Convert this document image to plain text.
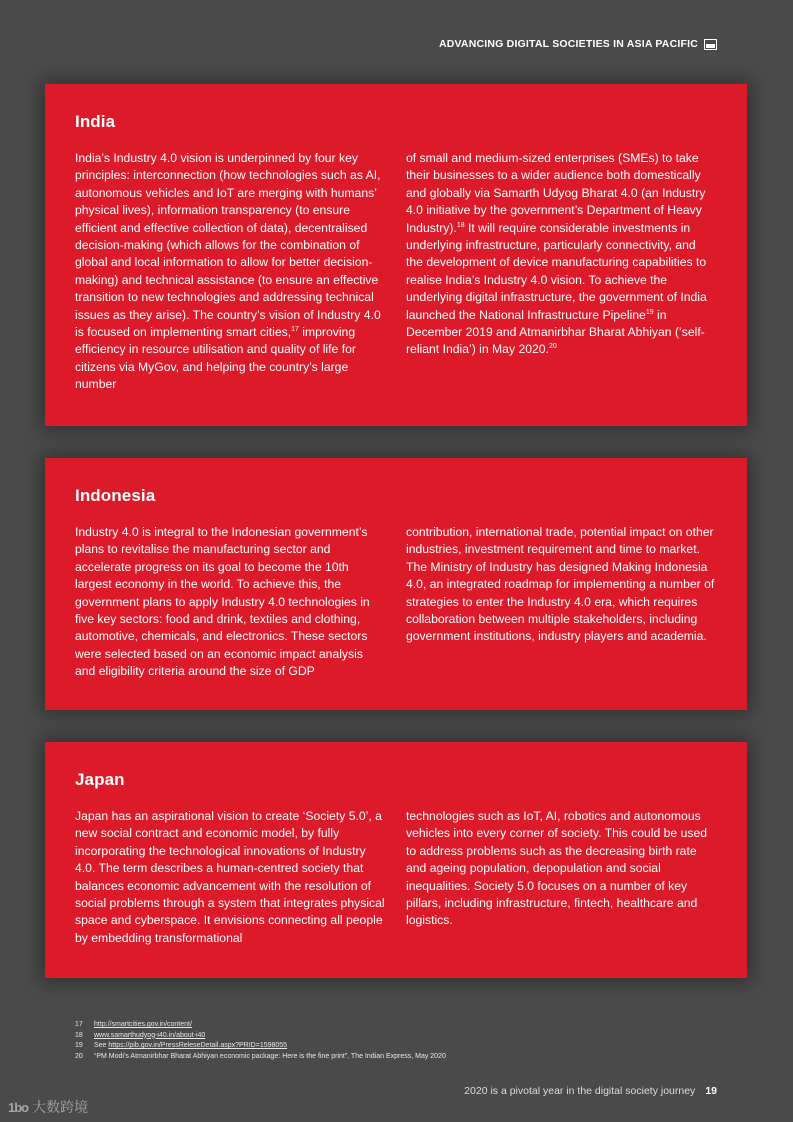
ADVANCING DIGITAL SOCIETIES IN ASIA PACIFIC
India

India’s Industry 4.0 vision is underpinned by four key principles: interconnection (how technologies such as AI, autonomous vehicles and IoT are merging with humans’ physical lives), information transparency (to ensure efficient and effective collection of data), decentralised decision-making (which allows for the combination of global and local information to allow for better decision-making) and technical assistance (to ensure an effective transition to new technologies and addressing technical issues as they arise). The country’s vision of Industry 4.0 is focused on implementing smart cities,$^{17}$ improving efficiency in resource utilisation and quality of life for citizens via MyGov, and helping the country’s large number

of small and medium-sized enterprises (SMEs) to take their businesses to a wider audience both domestically and globally via Samarth Udyog Bharat 4.0 (an Industry 4.0 initiative by the government’s Department of Heavy Industry).$^{18}$ It will require considerable investments in underlying infrastructure, particularly connectivity, and the development of device manufacturing capabilities to realise India’s Industry 4.0 vision. To achieve the underlying digital infrastructure, the government of India launched the National Infrastructure Pipeline$^{19}$ in December 2019 and Atmanirbhar Bharat Abhiyan (‘self-reliant India’) in May 2020.20

Indonesia

Industry 4.0 is integral to the Indonesian government’s plans to revitalise the manufacturing sector and accelerate progress on its goal to become the 10th largest economy in the world. To achieve this, the government plans to apply Industry 4.0 technologies in five key sectors: food and drink, textiles and clothing, automotive, chemicals, and electronics. These sectors were selected based on an economic impact analysis and eligibility criteria around the size of GDP

contribution, international trade, potential impact on other industries, investment requirement and time to market. The Ministry of Industry has designed Making Indonesia 4.0, an integrated roadmap for implementing a number of strategies to enter the Industry 4.0 era, which requires collaboration between multiple stakeholders, including government institutions, industry players and academia.

Japan

Japan has an aspirational vision to create ‘Society 5.0’, a new social contract and economic model, by fully incorporating the technological innovations of Industry 4.0. The term describes a human-centred society that balances economic advancement with the resolution of social problems through a system that integrates physical space and cyberspace. It envisions connecting all people by embedding transformational

technologies such as IoT, AI, robotics and autonomous vehicles into every corner of society. This could be used to address problems such as the decreasing birth rate and ageing population, depopulation and social inequalities. Society 5.0 focuses on a number of key pillars, including infrastructure, fintech, healthcare and logistics.

17 http://smartcities.gov.in/content/
18 www.samarthudyog-i40.in/about-i40
19 See https://pib.gov.in/PressReleseDetail.aspx?PRID=1598055
20 “PM Modi’s Atmanirbhar Bharat Abhiyan economic package: Here is the fine print”, The Indian Express, May 2020
2020 is a pivotal year in the digital society journey 19
1bo 大数跨境
